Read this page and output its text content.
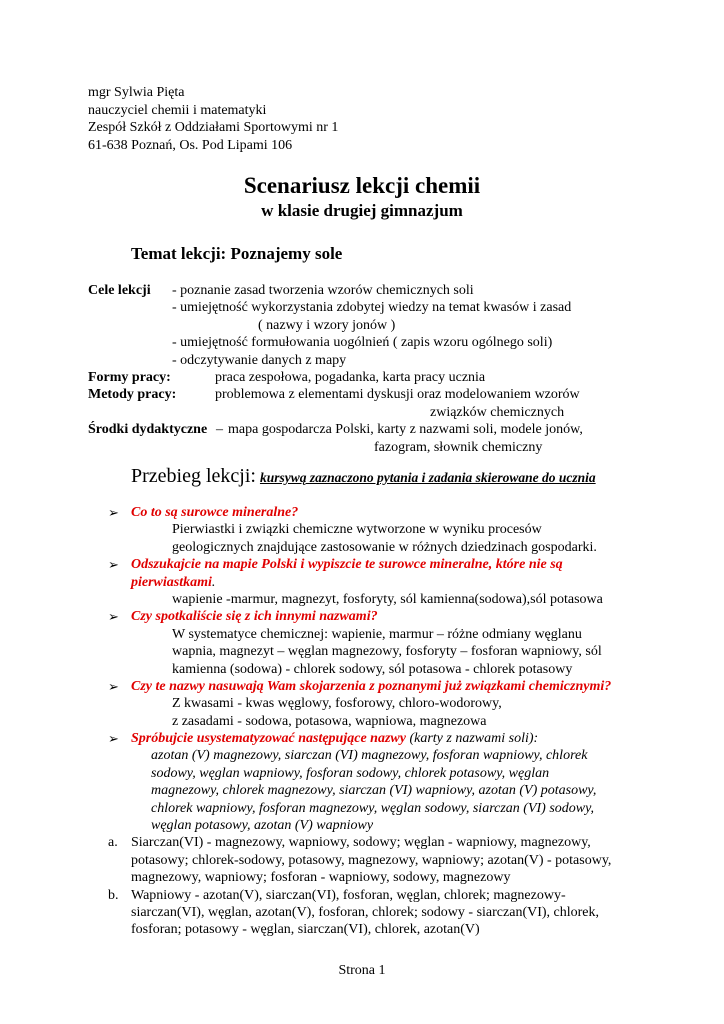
mgr Sylwia Pięta
nauczyciel chemii i matematyki
Zespół Szkół z Oddziałami Sportowymi nr 1
61-638 Poznań, Os. Pod Lipami 106
Scenariusz lekcji chemii
w klasie drugiej gimnazjum
Temat lekcji: Poznajemy sole
Cele lekcji - poznanie zasad tworzenia wzorów chemicznych soli
- umiejętność wykorzystania zdobytej wiedzy na temat kwasów i zasad
( nazwy i wzory jonów )
- umiejętność formułowania uogólnień ( zapis wzoru ogólnego soli)
- odczytywanie danych z mapy
Formy pracy:	praca zespołowa, pogadanka, karta pracy ucznia
Metody pracy:	problemowa z elementami dyskusji oraz modelowaniem wzorów
związków chemicznych
Środki dydaktyczne – mapa gospodarcza Polski, karty z nazwami soli, modele jonów,
fazogram, słownik chemiczny
Przebieg lekcji: kursywą zaznaczono pytania i zadania skierowane do ucznia
➢ Co to są surowce mineralne?
Pierwiastki i związki chemiczne wytworzone w wyniku procesów
geologicznych znajdujące zastosowanie w różnych dziedzinach gospodarki.
➢ Odszukajcie na mapie Polski i wypiszcie te surowce mineralne, które nie są
pierwiastkami.
wapienie -marmur, magnezyt, fosforyty, sól kamienna(sodowa),sól potasowa
➢ Czy spotkaliście się z ich innymi nazwami?
W systematyce chemicznej: wapienie, marmur – różne odmiany węglanu
wapnia, magnezyt – węglan magnezowy, fosforyty – fosforan wapniowy, sól
kamienna (sodowa) - chlorek sodowy, sól potasowa - chlorek potasowy
➢ Czy te nazwy nasuwają Wam skojarzenia z poznanymi już związkami chemicznymi?
Z kwasami - kwas węglowy, fosforowy, chloro-wodorowy,
z zasadami - sodowa, potasowa, wapniowa, magnezowa
➢ Spróbujcie usystematyzować następujące nazwy (karty z nazwami soli):
azotan (V) magnezowy, siarczan (VI) magnezowy, fosforan wapniowy, chlorek
sodowy, węglan wapniowy, fosforan sodowy, chlorek potasowy, węglan
magnezowy, chlorek magnezowy, siarczan (VI) wapniowy, azotan (V) potasowy,
chlorek wapniowy, fosforan magnezowy, węglan sodowy, siarczan (VI) sodowy,
węglan potasowy, azotan (V) wapniowy
a. Siarczan(VI) - magnezowy, wapniowy, sodowy; węglan - wapniowy, magnezowy,
potasowy; chlorek-sodowy, potasowy, magnezowy, wapniowy; azotan(V) - potasowy,
magnezowy, wapniowy; fosforan - wapniowy, sodowy, magnezowy
b. Wapniowy - azotan(V), siarczan(VI), fosforan, węglan, chlorek; magnezowy-
siarczan(VI), węglan, azotan(V), fosforan, chlorek; sodowy - siarczan(VI), chlorek,
fosforan; potasowy - węglan, siarczan(VI), chlorek, azotan(V)
Strona 1
